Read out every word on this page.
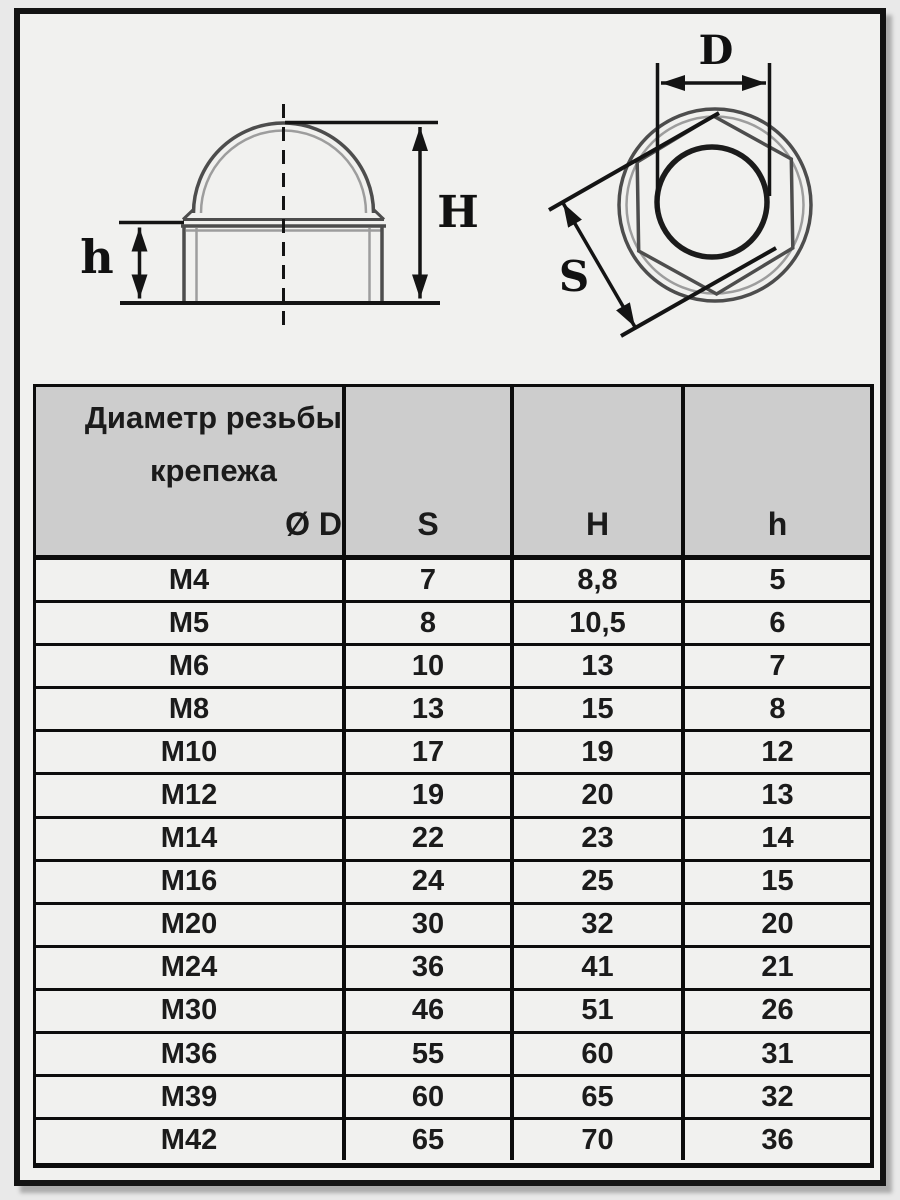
h
H
D
S
Диаметр резьбы
крепежа
Ø D	S	H	h
M4	7	8,8	5
M5	8	10,5	6
M6	10	13	7
M8	13	15	8
M10	17	19	12
M12	19	20	13
M14	22	23	14
M16	24	25	15
M20	30	32	20
M24	36	41	21
M30	46	51	26
M36	55	60	31
M39	60	65	32
M42	65	70	36
